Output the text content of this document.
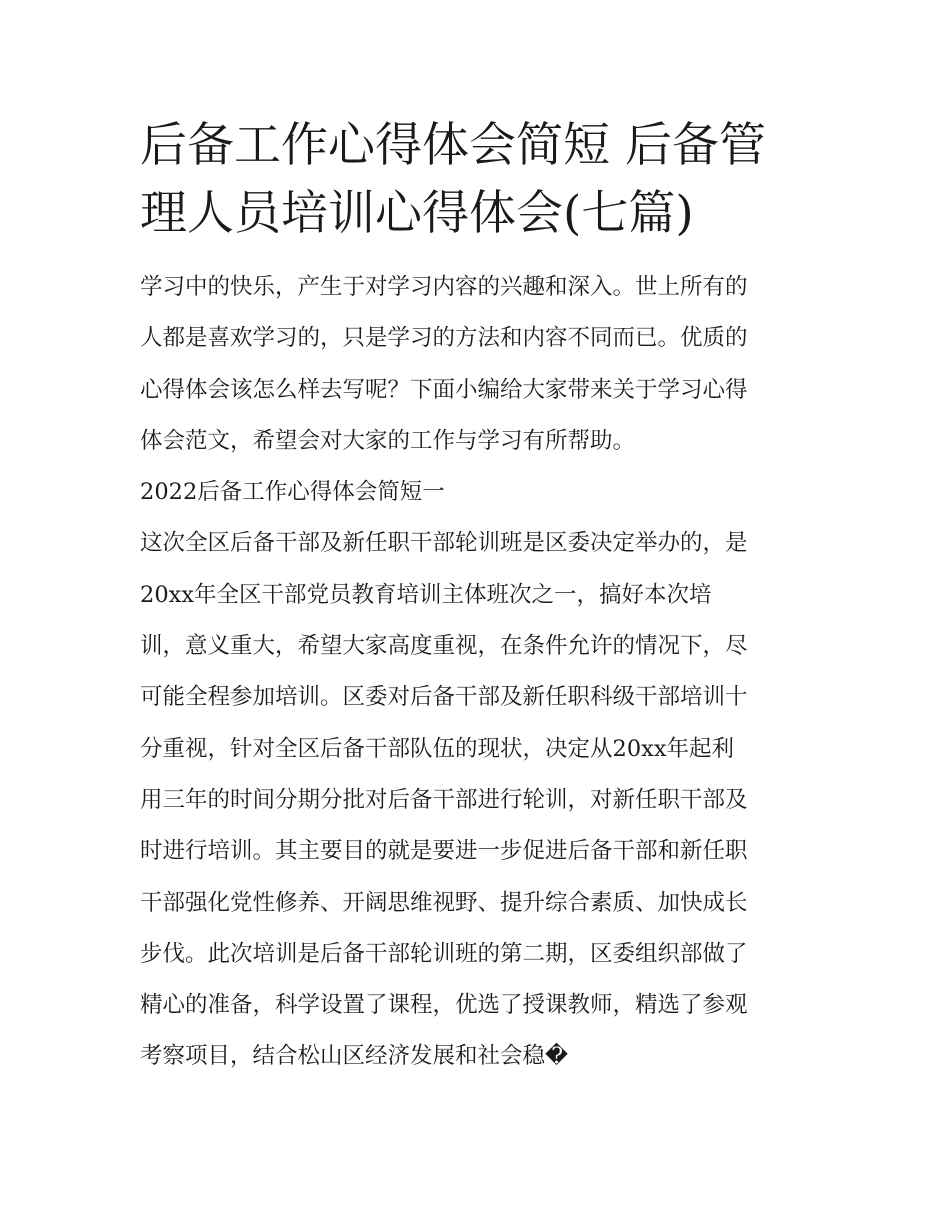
后备工作心得体会简短 后备管
理人员培训心得体会(七篇)

学习中的快乐，产生于对学习内容的兴趣和深入。世上所有的
人都是喜欢学习的，只是学习的方法和内容不同而已。优质的
心得体会该怎么样去写呢？下面小编给大家带来关于学习心得
体会范文，希望会对大家的工作与学习有所帮助。

2022后备工作心得体会简短一

这次全区后备干部及新任职干部轮训班是区委决定举办的，是
20xx年全区干部党员教育培训主体班次之一，搞好本次培
训，意义重大，希望大家高度重视，在条件允许的情况下，尽
可能全程参加培训。区委对后备干部及新任职科级干部培训十
分重视，针对全区后备干部队伍的现状，决定从20xx年起利
用三年的时间分期分批对后备干部进行轮训，对新任职干部及
时进行培训。其主要目的就是要进一步促进后备干部和新任职
干部强化党性修养、开阔思维视野、提升综合素质、加快成长
步伐。此次培训是后备干部轮训班的第二期，区委组织部做了
精心的准备，科学设置了课程，优选了授课教师，精选了参观
考察项目，结合松山区经济发展和社会稳�
